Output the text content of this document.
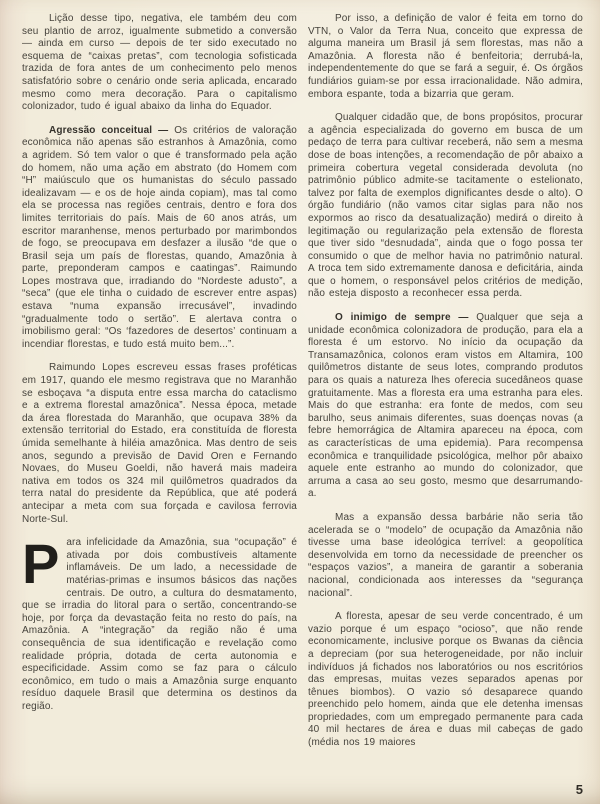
Lição desse tipo, negativa, ele também deu com seu plantio de arroz, igualmente submetido a conversão — ainda em curso — depois de ter sido executado no esquema de “caixas pretas”, com tecnologia sofisticada trazida de fora antes de um conhecimento pelo menos satisfatório sobre o cenário onde seria aplicada, encarado mesmo como mera decoração. Para o capitalismo colonizador, tudo é igual abaixo da linha do Equador.

Agressão conceitual — Os critérios de valoração econômica não apenas são estranhos à Amazônia, como a agridem. Só tem valor o que é transformado pela ação do homem, não uma ação em abstrato (do Homem com “H” maiúsculo que os humanistas do século passado idealizavam — e os de hoje ainda copiam), mas tal como ela se processa nas regiões centrais, dentro e fora dos limites territoriais do país. Mais de 60 anos atrás, um escritor maranhense, menos perturbado por marimbondos de fogo, se preocupava em desfazer a ilusão “de que o Brasil seja um país de florestas, quando, Amazônia à parte, preponderam campos e caatingas”. Raimundo Lopes mostrava que, irradiando do “Nordeste adusto”, a “seca” (que ele tinha o cuidado de escrever entre aspas) estava “numa expansão irrecusável”, invadindo “gradualmente todo o sertão”. E alertava contra o imobilismo geral: “Os ‘fazedores de desertos’ continuam a incendiar florestas, e tudo está muito bem...”.

Raimundo Lopes escreveu essas frases proféticas em 1917, quando ele mesmo registrava que no Maranhão se esboçava “a disputa entre essa marcha do cataclismo e a extrema florestal amazônica”. Nessa época, metade da área florestada do Maranhão, que ocupava 38% da extensão territorial do Estado, era constituída de floresta úmida semelhante à hiléia amazônica. Mas dentro de seis anos, segundo a previsão de David Oren e Fernando Novaes, do Museu Goeldi, não haverá mais madeira nativa em todos os 324 mil quilômetros quadrados da terra natal do presidente da República, que até poderá antecipar a meta com sua forçada e cavilosa ferrovia Norte-Sul.

Para infelicidade da Amazônia, sua “ocupação” é ativada por dois combustíveis altamente inflamáveis. De um lado, a necessidade de matérias-primas e insumos básicos das nações centrais. De outro, a cultura do desmatamento, que se irradia do litoral para o sertão, concentrando-se hoje, por força da devastação feita no resto do país, na Amazônia. A “integração” da região não é uma consequência de sua identificação e revelação como realidade própria, dotada de certa autonomia e especificidade. Assim como se faz para o cálculo econômico, em tudo o mais a Amazônia surge enquanto resíduo daquele Brasil que determina os destinos da região.

Por isso, a definição de valor é feita em torno do VTN, o Valor da Terra Nua, conceito que expressa de alguma maneira um Brasil já sem florestas, mas não a Amazônia. A floresta não é benfeitoria; derrubá-la, independentemente do que se fará a seguir, é. Os órgãos fundiários guiam-se por essa irracionalidade. Não admira, embora espante, toda a bizarria que geram.

Qualquer cidadão que, de bons propósitos, procurar a agência especializada do governo em busca de um pedaço de terra para cultivar receberá, não sem a mesma dose de boas intenções, a recomendação de pôr abaixo a primeira cobertura vegetal considerada devoluta (no patrimônio público admite-se tacitamente o estelionato, talvez por falta de exemplos dignificantes desde o alto). O órgão fundiário (não vamos citar siglas para não nos expormos ao risco da desatualização) medirá o direito à legitimação ou regularização pela extensão de floresta que tiver sido “desnudada”, ainda que o fogo possa ter consumido o que de melhor havia no patrimônio natural. A troca tem sido extremamente danosa e deficitária, ainda que o homem, o responsável pelos critérios de medição, não esteja disposto a reconhecer essa perda.

O inimigo de sempre — Qualquer que seja a unidade econômica colonizadora de produção, para ela a floresta é um estorvo. No início da ocupação da Transamazônica, colonos eram vistos em Altamira, 100 quilômetros distante de seus lotes, comprando produtos para os quais a natureza lhes oferecia sucedâneos quase gratuitamente. Mas a floresta era uma estranha para eles. Mais do que estranha: era fonte de medos, com seu barulho, seus animais diferentes, suas doenças novas (a febre hemorrágica de Altamira apareceu na época, com as características de uma epidemia). Para recompensa econômica e tranquilidade psicológica, melhor pôr abaixo aquele ente estranho ao mundo do colonizador, que arruma a casa ao seu gosto, mesmo que desarrumando-a.

Mas a expansão dessa barbárie não seria tão acelerada se o “modelo” de ocupação da Amazônia não tivesse uma base ideológica terrível: a geopolítica desenvolvida em torno da necessidade de preencher os “espaços vazios”, a maneira de garantir a soberania nacional, condicionada aos interesses da “segurança nacional”.

A floresta, apesar de seu verde concentrado, é um vazio porque é um espaço “ocioso”, que não rende economicamente, inclusive porque os Bwanas da ciência a depreciam (por sua heterogeneidade, por não incluir indivíduos já fichados nos laboratórios ou nos escritórios das empresas, muitas vezes separados apenas por tênues biombos). O vazio só desaparece quando preenchido pelo homem, ainda que ele detenha imensas propriedades, com um empregado permanente para cada 40 mil hectares de área e duas mil cabeças de gado (média nos 19 maiores

5
